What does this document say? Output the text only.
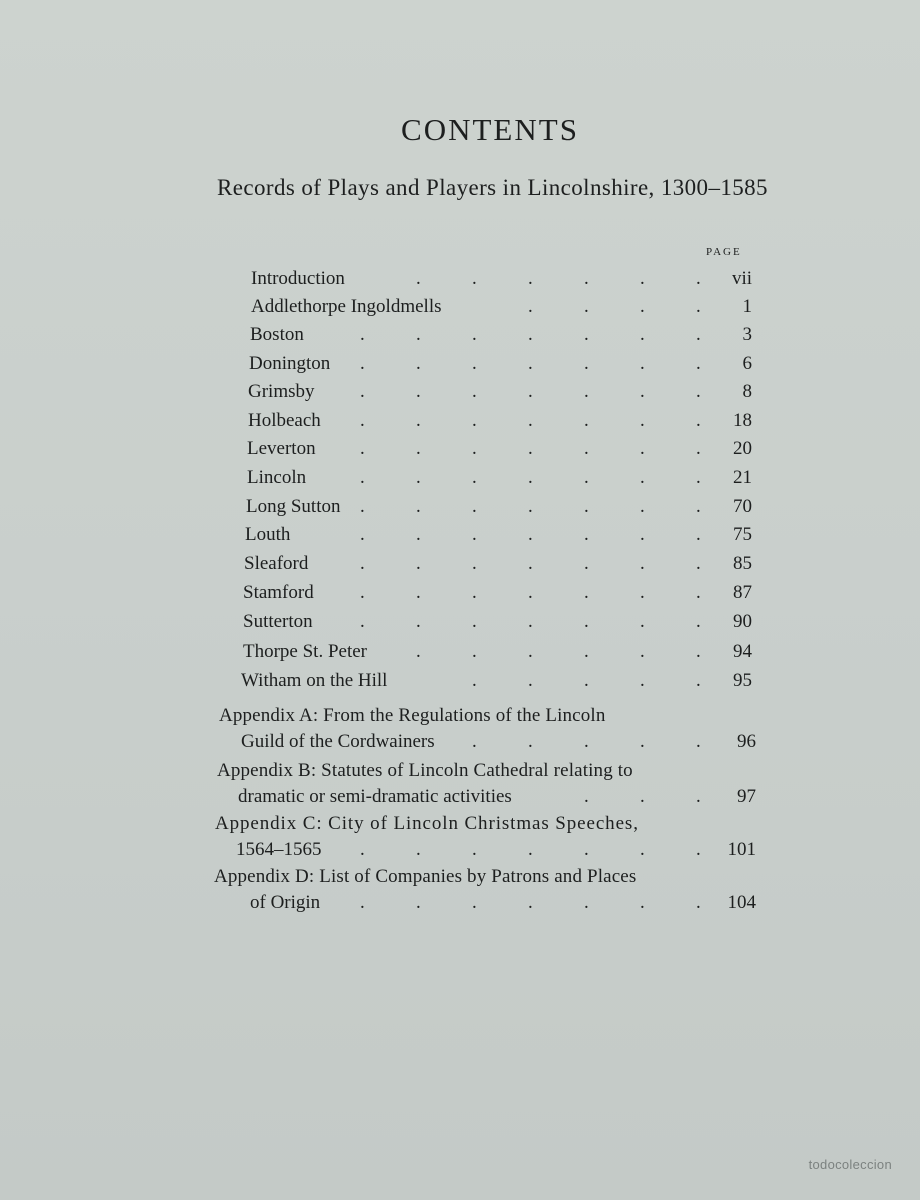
CONTENTS
Records of Plays and Players in Lincolnshire, 1300–1585
PAGE
Introduction	.	.	.	.	.	. vii
Addlethorpe Ingoldmells	.	.	.	. 1
Boston	.	.	.	.	.	.	. 3
Donington .	.	.	.	.	.	. 6
Grimsby .	.	.	.	.	.	. 8
Holbeach .	.	.	.	.	.	. 18
Leverton .	.	.	.	.	.	. 20
Lincoln	.	.	.	.	.	.	. 21
Long Sutton .	.	.	.	.	.	. 70
Louth	.	.	.	.	.	.	. 75
Sleaford	.	.	.	.	.	.	. 85
Stamford .	.	.	.	.	.	. 87
Sutterton .	.	.	.	.	.	. 90
Thorpe St. Peter	.	.	.	.	.	. 94
Witham on the Hill	.	.	.	.	. 95
Appendix A: From the Regulations of the Lincoln
Guild of the Cordwainers .	.	.	.	. 96
Appendix B: Statutes of Lincoln Cathedral relating to
dramatic or semi-dramatic activities	.	.	. 97
Appendix C: City of Lincoln Christmas Speeches,
1564–1565 .	.	.	.	.	.	. 101
Appendix D: List of Companies by Patrons and Places
of Origin .	.	.	.	.	.	. 104
todocoleccion
